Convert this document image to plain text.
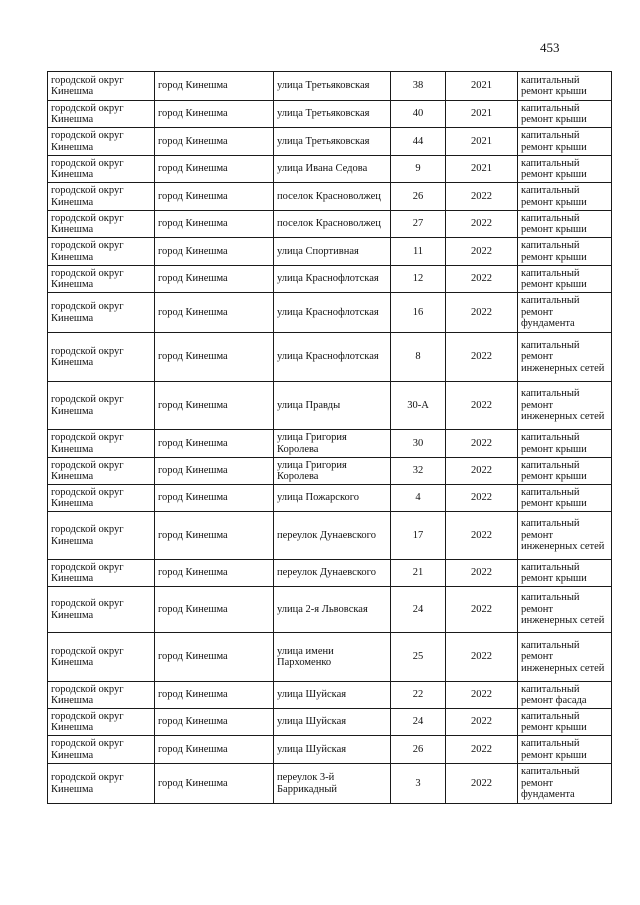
453
городской округ Кинешма	город Кинешма	улица Третьяковская	38	2021	капитальный ремонт крыши
городской округ Кинешма	город Кинешма	улица Третьяковская	40	2021	капитальный ремонт крыши
городской округ Кинешма	город Кинешма	улица Третьяковская	44	2021	капитальный ремонт крыши
городской округ Кинешма	город Кинешма	улица Ивана Седова	9	2021	капитальный ремонт крыши
городской округ Кинешма	город Кинешма	поселок Красноволжец	26	2022	капитальный ремонт крыши
городской округ Кинешма	город Кинешма	поселок Красноволжец	27	2022	капитальный ремонт крыши
городской округ Кинешма	город Кинешма	улица Спортивная	11	2022	капитальный ремонт крыши
городской округ Кинешма	город Кинешма	улица Краснофлотская	12	2022	капитальный ремонт крыши
городской округ Кинешма	город Кинешма	улица Краснофлотская	16	2022	капитальный ремонт фундамента
городской округ Кинешма	город Кинешма	улица Краснофлотская	8	2022	капитальный ремонт инженерных сетей
городской округ Кинешма	город Кинешма	улица Правды	30-А	2022	капитальный ремонт инженерных сетей
городской округ Кинешма	город Кинешма	улица Григория Королева	30	2022	капитальный ремонт крыши
городской округ Кинешма	город Кинешма	улица Григория Королева	32	2022	капитальный ремонт крыши
городской округ Кинешма	город Кинешма	улица Пожарского	4	2022	капитальный ремонт крыши
городской округ Кинешма	город Кинешма	переулок Дунаевского	17	2022	капитальный ремонт инженерных сетей
городской округ Кинешма	город Кинешма	переулок Дунаевского	21	2022	капитальный ремонт крыши
городской округ Кинешма	город Кинешма	улица 2-я Львовская	24	2022	капитальный ремонт инженерных сетей
городской округ Кинешма	город Кинешма	улица имени Пархоменко	25	2022	капитальный ремонт инженерных сетей
городской округ Кинешма	город Кинешма	улица Шуйская	22	2022	капитальный ремонт фасада
городской округ Кинешма	город Кинешма	улица Шуйская	24	2022	капитальный ремонт крыши
городской округ Кинешма	город Кинешма	улица Шуйская	26	2022	капитальный ремонт крыши
городской округ Кинешма	город Кинешма	переулок 3-й Баррикадный	3	2022	капитальный ремонт фундамента
